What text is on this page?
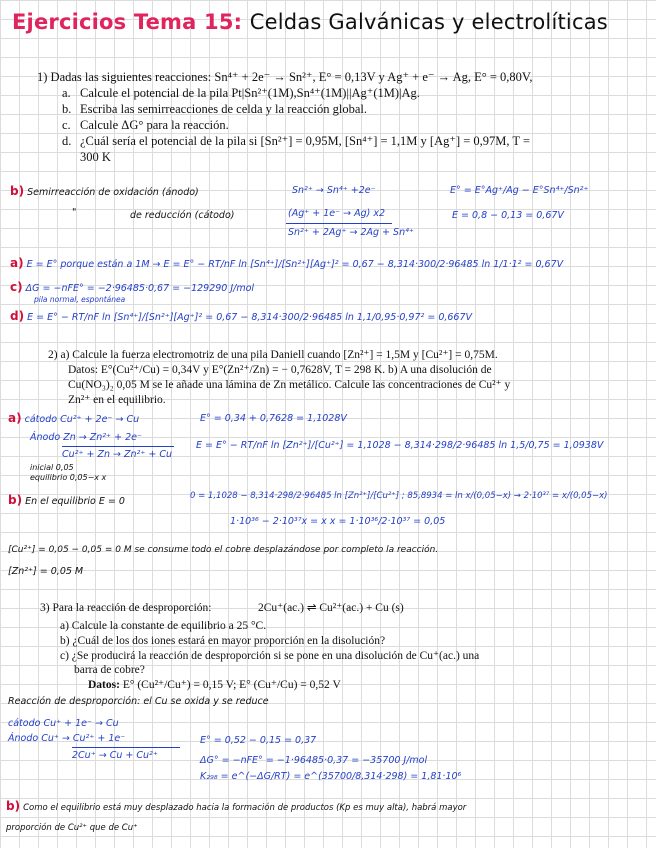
Ejercicios Tema 15: Celdas Galvánicas y electrolíticas
1) Dadas las siguientes reacciones: Sn⁴⁺ + 2e⁻ → Sn²⁺, E° = 0,13V y Ag⁺ + e⁻ → Ag, E° = 0,80V,
a. Calcule el potencial de la pila Pt|Sn²⁺(1M),Sn⁴⁺(1M)||Ag⁺(1M)|Ag.
b. Escriba las semirreacciones de celda y la reacción global.
c. Calcule ΔG° para la reacción.
d. ¿Cuál sería el potencial de la pila si [Sn²⁺] = 0,95M, [Sn⁴⁺] = 1,1M y [Ag⁺] = 0,97M, T =
300 K
b) Semirreacción de oxidación (ánodo)	Sn²⁺ → Sn⁴⁺ +2e⁻	E° = E°Ag⁺/Ag − E°Sn⁴⁺/Sn²⁺
"	de reducción (cátodo)	(Ag⁺ + 1e⁻ → Ag) x2	E = 0,8 − 0,13 = 0,67V
Sn²⁺ + 2Ag⁺ → 2Ag + Sn⁴⁺
a) E = E° porque están a 1M → E = E° − RT/nF ln [Sn⁴⁺]/[Sn²⁺][Ag⁺]² = 0,67 − 8,314·300/2·96485 ln 1/1·1² = 0,67V
c) ΔG = −nFE° = −2·96485·0,67 = −129290 J/mol
pila normal, espontánea
d) E = E° − RT/nF ln [Sn⁴⁺]/[Sn²⁺][Ag⁺]² = 0,67 − 8,314·300/2·96485 ln 1,1/0,95·0,97² = 0,667V
2) a) Calcule la fuerza electromotriz de una pila Daniell cuando [Zn²⁺] = 1,5M y [Cu²⁺] = 0,75M.
Datos: E°(Cu²⁺/Cu) = 0,34V y E°(Zn²⁺/Zn) = − 0,7628V, T = 298 K. b) A una disolución de
Cu(NO₃)₂ 0,05 M se le añade una lámina de Zn metálico. Calcule las concentraciones de Cu²⁺ y
Zn²⁺ en el equilibrio.
a) cátodo Cu²⁺ + 2e⁻ → Cu	E° = 0,34 + 0,7628 = 1,1028V
Ánodo Zn → Zn²⁺ + 2e⁻
Cu²⁺ + Zn → Zn²⁺ + Cu
E = E° − RT/nF ln [Zn²⁺]/[Cu²⁺] = 1,1028 − 8,314·298/2·96485 ln 1,5/0,75 = 1,0938V
inicial 0,05
equilibrio 0,05−x x
b) En el equilibrio E = 0	0 = 1,1028 − 8,314·298/2·96485 ln [Zn²⁺]/[Cu²⁺] ; 85,8934 = ln x/(0,05−x) → 2·10³⁷ = x/(0,05−x)
1·10³⁶ − 2·10³⁷x = x x = 1·10³⁶/2·10³⁷ = 0,05
[Cu²⁺] = 0,05 − 0,05 = 0 M se consume todo el cobre desplazándose por completo la reacción.
[Zn²⁺] = 0,05 M
3) Para la reacción de desproporción:	2Cu⁺(ac.) ⇌ Cu²⁺(ac.) + Cu (s)
a) Calcule la constante de equilibrio a 25 °C.
b) ¿Cuál de los dos iones estará en mayor proporción en la disolución?
c) ¿Se producirá la reacción de desproporción si se pone en una disolución de Cu⁺(ac.) una
barra de cobre?
Datos: E° (Cu²⁺/Cu⁺) = 0,15 V; E° (Cu⁺/Cu) = 0,52 V
Reacción de desproporción: el Cu se oxida y se reduce
cátodo Cu⁺ + 1e⁻ → Cu
Ánodo Cu⁺ → Cu²⁺ + 1e⁻
2Cu⁺ → Cu + Cu²⁺
E° = 0,52 − 0,15 = 0,37
ΔG° = −nFE° = −1·96485·0,37 = −35700 J/mol
K₂₉₈ = e^(−ΔG/RT) = e^(35700/8,314·298) = 1,81·10⁶
b) Como el equilibrio está muy desplazado hacia la formación de productos (Kp es muy alta), habrá mayor
proporción de Cu²⁺ que de Cu⁺
